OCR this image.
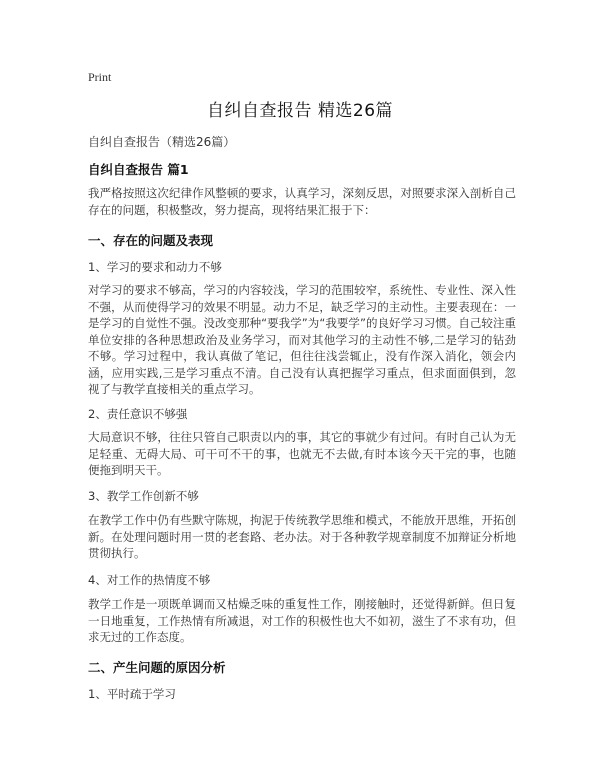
Print
自纠自查报告 精选26篇

自纠自查报告（精选26篇）

自纠自查报告 篇1

我严格按照这次纪律作风整顿的要求，认真学习，深刻反思，对照要求深入剖析自己存在的问题，积极整改，努力提高，现将结果汇报于下：

一、存在的问题及表现

1、学习的要求和动力不够

对学习的要求不够高，学习的内容较浅，学习的范围较窄，系统性、专业性、深入性不强，从而使得学习的效果不明显。动力不足，缺乏学习的主动性。主要表现在：一是学习的自觉性不强。没改变那种“要我学”为“我要学”的良好学习习惯。自己较注重单位安排的各种思想政治及业务学习，而对其他学习的主动性不够,二是学习的钻劲不够。学习过程中，我认真做了笔记，但往往浅尝辄止，没有作深入消化，领会内涵，应用实践,三是学习重点不清。自己没有认真把握学习重点，但求面面俱到，忽视了与教学直接相关的重点学习。

2、责任意识不够强

大局意识不够，往往只管自己职责以内的事，其它的事就少有过问。有时自己认为无足轻重、无碍大局、可干可不干的事，也就无不去做,有时本该今天干完的事，也随便拖到明天干。

3、教学工作创新不够

在教学工作中仍有些默守陈规，拘泥于传统教学思维和模式，不能放开思维，开拓创新。在处理问题时用一贯的老套路、老办法。对于各种教学规章制度不加辩证分析地贯彻执行。

4、对工作的热情度不够

教学工作是一项既单调而又枯燥乏味的重复性工作，刚接触时，还觉得新鲜。但日复一日地重复，工作热情有所减退，对工作的积极性也大不如初，滋生了不求有功，但求无过的工作态度。

二、产生问题的原因分析

1、平时疏于学习
